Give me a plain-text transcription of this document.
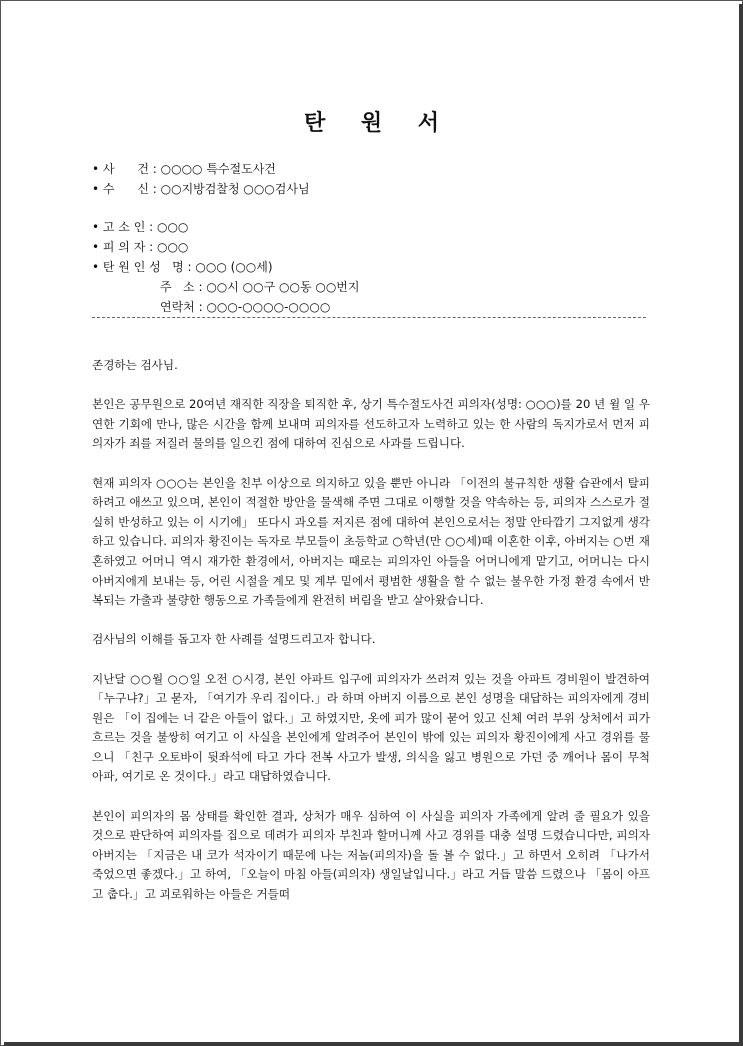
탄 원 서
• 사      건 : ○○○○ 특수절도사건
• 수      신 : ○○지방검찰청 ○○○검사님
• 고 소 인 : ○○○
• 피 의 자 : ○○○
• 탄 원 인 성   명 : ○○○ (○○세)
주   소 : ○○시 ○○구 ○○동 ○○번지
연락처 : ○○○-○○○○-○○○○

존경하는 검사님.

본인은 공무원으로 20여년 재직한 직장을 퇴직한 후, 상기 특수절도사건 피의자(성명: ○○○)를 20 년 윌 일 우연한 기회에 만나, 많은 시간을 함께 보내며 피의자를 선도하고자 노력하고 있는 한 사람의 독지가로서 먼저 피의자가 죄를 저질러 물의를 일으킨 점에 대하여 진심으로 사과를 드립니다.

현재 피의자 ○○○는 본인을 친부 이상으로 의지하고 있을 뿐만 아니라 「이전의 불규칙한 생활 습관에서 탈피하려고 애쓰고 있으며, 본인이 적절한 방안을 물색해 주면 그대로 이행할 것을 약속하는 등, 피의자 스스로가 절실히 반성하고 있는 이 시기에」 또다시 과오를 저지른 점에 대하여 본인으로서는 정말 안타깝기 그지없게 생각하고 있습니다. 피의자 황진이는 독자로 부모들이 초등학교 ○학년(만 ○○세)때 이혼한 이후, 아버지는 ○번 재혼하였고 어머니 역시 재가한 환경에서, 아버지는 때로는 피의자인 아들을 어머니에게 맡기고, 어머니는 다시 아버지에게 보내는 등, 어린 시절을 계모 및 계부 밑에서 평범한 생활을 할 수 없는 불우한 가정 환경 속에서 반복되는 가출과 불량한 행동으로 가족들에게 완전히 버림을 받고 살아왔습니다.

검사님의 이해를 돕고자 한 사례를 설명드리고자 합니다.

지난달 ○○월 ○○일 오전 ○시경, 본인 아파트 입구에 피의자가 쓰러져 있는 것을 아파트 경비원이 발견하여 「누구냐?」고 묻자, 「여기가 우리 집이다.」라 하며 아버지 이름으로 본인 성명을 대답하는 피의자에게 경비원은 「이 집에는 너 같은 아들이 없다.」고 하였지만, 옷에 피가 많이 묻어 있고 신체 여러 부위 상처에서 피가 흐르는 것을 불쌍히 여기고 이 사실을 본인에게 알려주어 본인이 밖에 있는 피의자 황진이에게 사고 경위를 물으니 「친구 오토바이 뒷좌석에 타고 가다 전복 사고가 발생, 의식을 잃고 병원으로 가던 중 깨어나 몸이 무척 아파, 여기로 온 것이다.」라고 대답하였습니다.

본인이 피의자의 몸 상태를 확인한 결과, 상처가 매우 심하여 이 사실을 피의자 가족에게 알려 줄 필요가 있을 것으로 판단하여 피의자를 집으로 데려가 피의자 부친과 할머니께 사고 경위를 대충 설명 드렸습니다만, 피의자 아버지는 「지금은 내 코가 석자이기 때문에 나는 저놈(피의자)을 돌 볼 수 없다.」고 하면서 오히려 「나가서 죽었으면 좋겠다.」고 하여, 「오늘이 마침 아들(피의자) 생일날입니다.」라고 거듭 말씀 드렸으나 「몸이 아프고 춥다.」고 괴로워하는 아들은 거들떠
